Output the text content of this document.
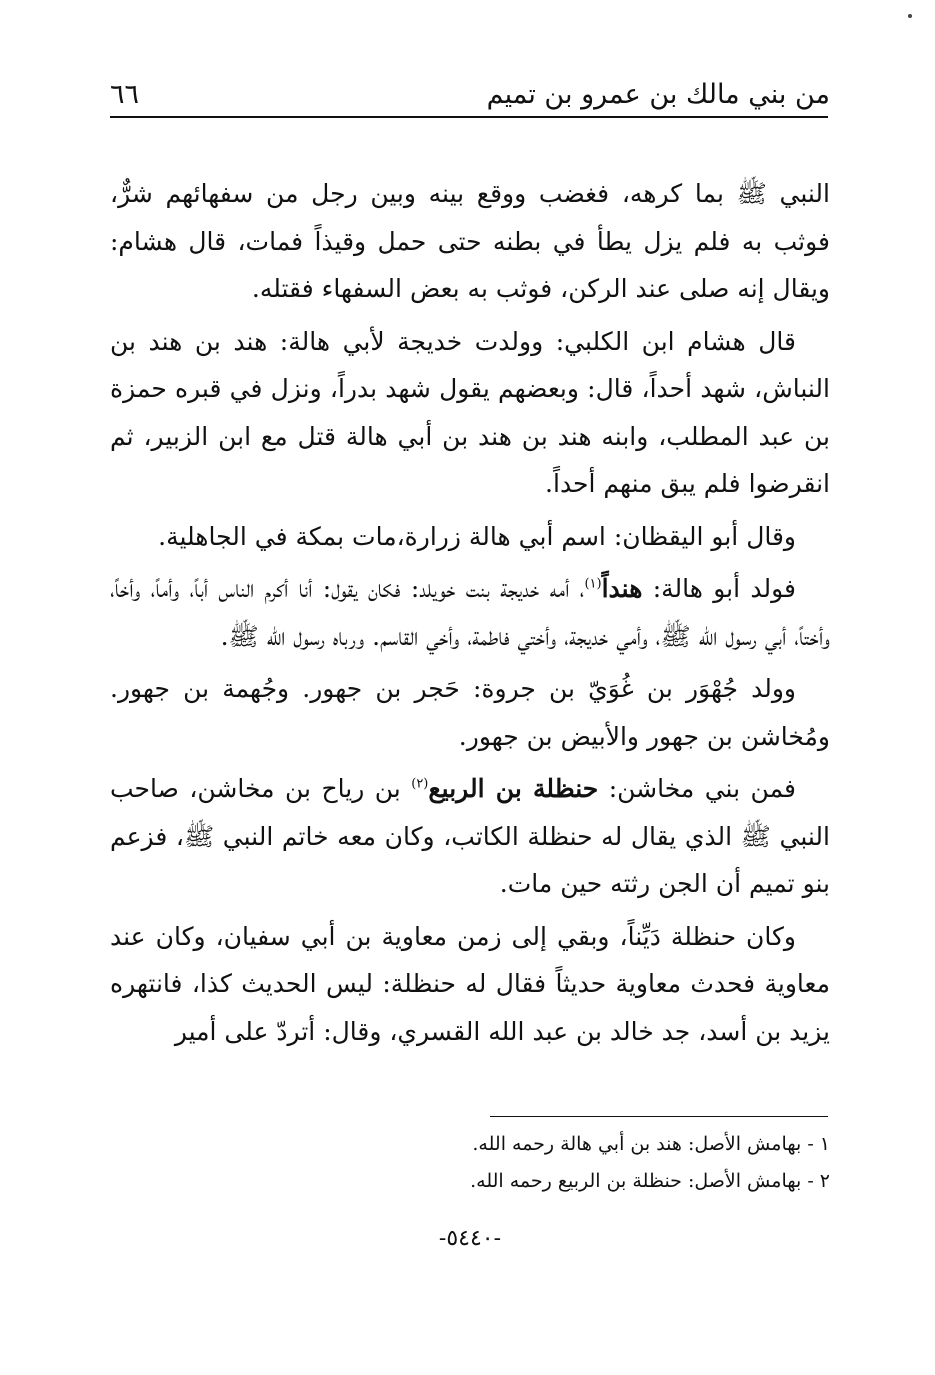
من بني مالك بن عمرو بن تميم
٦٦

النبي ﷺ بما كرهه، فغضب ووقع بينه وبين رجل من سفهائهم شرٌّ، فوثب به فلم يزل يطأ في بطنه حتى حمل وقيذاً فمات، قال هشام: ويقال إنه صلى عند الركن، فوثب به بعض السفهاء فقتله.

قال هشام ابن الكلبي: وولدت خديجة لأبي هالة: هند بن هند بن النباش، شهد أحداً، قال: وبعضهم يقول شهد بدراً، ونزل في قبره حمزة بن عبد المطلب، وابنه هند بن هند بن أبي هالة قتل مع ابن الزبير، ثم انقرضوا فلم يبق منهم أحداً.

وقال أبو اليقظان: اسم أبي هالة زرارة،مات بمكة في الجاهلية.

فولد أبو هالة: هنداً$^{(١)}$، أمه خديجة بنت خويلد: فكان يقول: أنا أكرم الناس أباً، وأماً، وأخاً، وأختاً، أبي رسول الله ﷺ، وأمي خديجة، وأختي فاطمة، وأخي القاسم. ورباه رسول الله ﷺ.

وولد جُهْوَر بن غُوَيّ بن جروة: حَجر بن جهور. وجُهمة بن جهور. ومُخاشن بن جهور والأبيض بن جهور.

فمن بني مخاشن: حنظلة بن الربيع$^{(٢)}$ بن رياح بن مخاشن، صاحب النبي ﷺ الذي يقال له حنظلة الكاتب، وكان معه خاتم النبي ﷺ، فزعم بنو تميم أن الجن رثته حين مات.

وكان حنظلة دَيِّناً، وبقي إلى زمن معاوية بن أبي سفيان، وكان عند معاوية فحدث معاوية حديثاً فقال له حنظلة: ليس الحديث كذا، فانتهره يزيد بن أسد، جد خالد بن عبد الله القسري، وقال: أتردّ على أمير

١ - بهامش الأصل: هند بن أبي هالة رحمه الله.
٢ - بهامش الأصل: حنظلة بن الربيع رحمه الله.
-٥٤٤٠-
